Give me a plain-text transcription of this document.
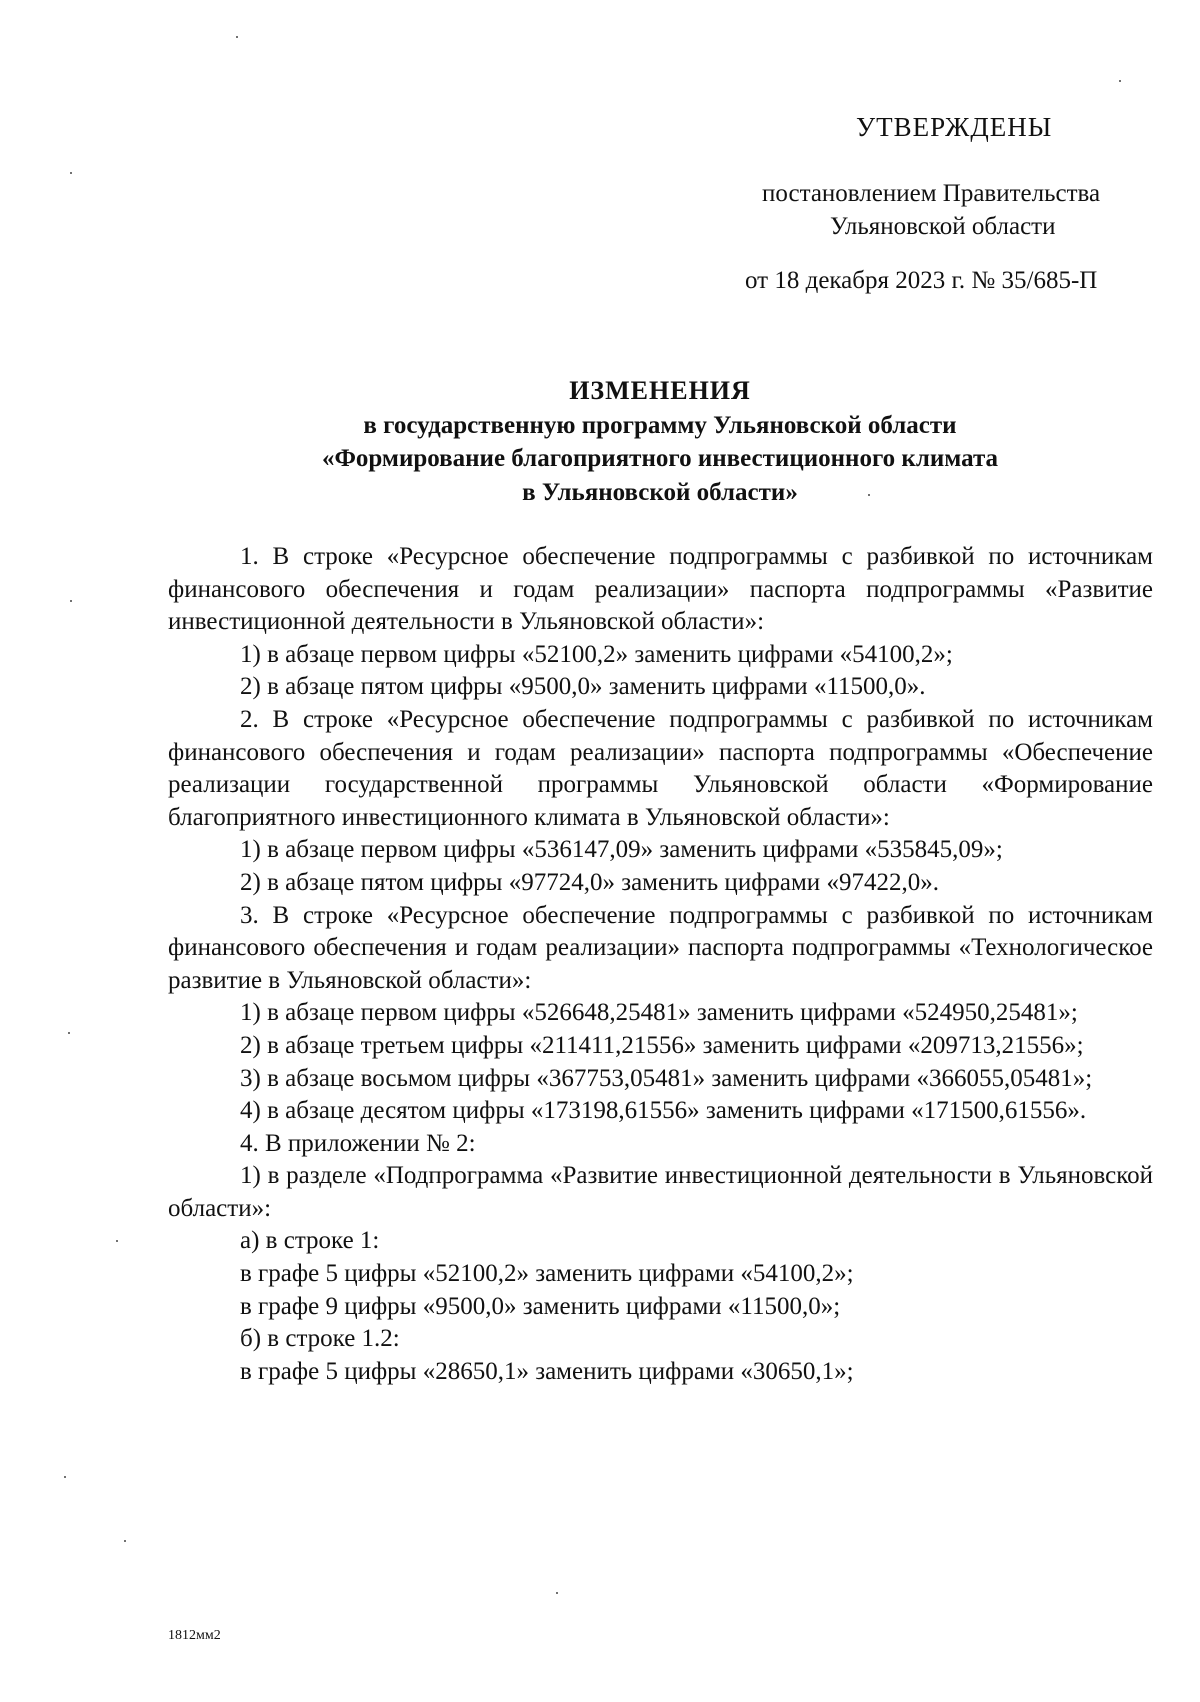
УТВЕРЖДЕНЫ
постановлением Правительства
Ульяновской области
от 18 декабря 2023 г. № 35/685-П
ИЗМЕНЕНИЯ
в государственную программу Ульяновской области
«Формирование благоприятного инвестиционного климата
в Ульяновской области»

1. В строке «Ресурсное обеспечение подпрограммы с разбивкой по источникам финансового обеспечения и годам реализации» паспорта подпрограммы «Развитие инвестиционной деятельности в Ульяновской области»:

1) в абзаце первом цифры «52100,2» заменить цифрами «54100,2»;

2) в абзаце пятом цифры «9500,0» заменить цифрами «11500,0».

2. В строке «Ресурсное обеспечение подпрограммы с разбивкой по источникам финансового обеспечения и годам реализации» паспорта подпрограммы «Обеспечение реализации государственной программы Ульяновской области «Формирование благоприятного инвестиционного климата в Ульяновской области»:

1) в абзаце первом цифры «536147,09» заменить цифрами «535845,09»;

2) в абзаце пятом цифры «97724,0» заменить цифрами «97422,0».

3. В строке «Ресурсное обеспечение подпрограммы с разбивкой по источникам финансового обеспечения и годам реализации» паспорта подпрограммы «Технологическое развитие в Ульяновской области»:

1) в абзаце первом цифры «526648,25481» заменить цифрами «524950,25481»;

2) в абзаце третьем цифры «211411,21556» заменить цифрами «209713,21556»;

3) в абзаце восьмом цифры «367753,05481» заменить цифрами «366055,05481»;

4) в абзаце десятом цифры «173198,61556» заменить цифрами «171500,61556».

4. В приложении № 2:

1) в разделе «Подпрограмма «Развитие инвестиционной деятельности в Ульяновской области»:

а) в строке 1:

в графе 5 цифры «52100,2» заменить цифрами «54100,2»;

в графе 9 цифры «9500,0» заменить цифрами «11500,0»;

б) в строке 1.2:

в графе 5 цифры «28650,1» заменить цифрами «30650,1»;

1812мм2
